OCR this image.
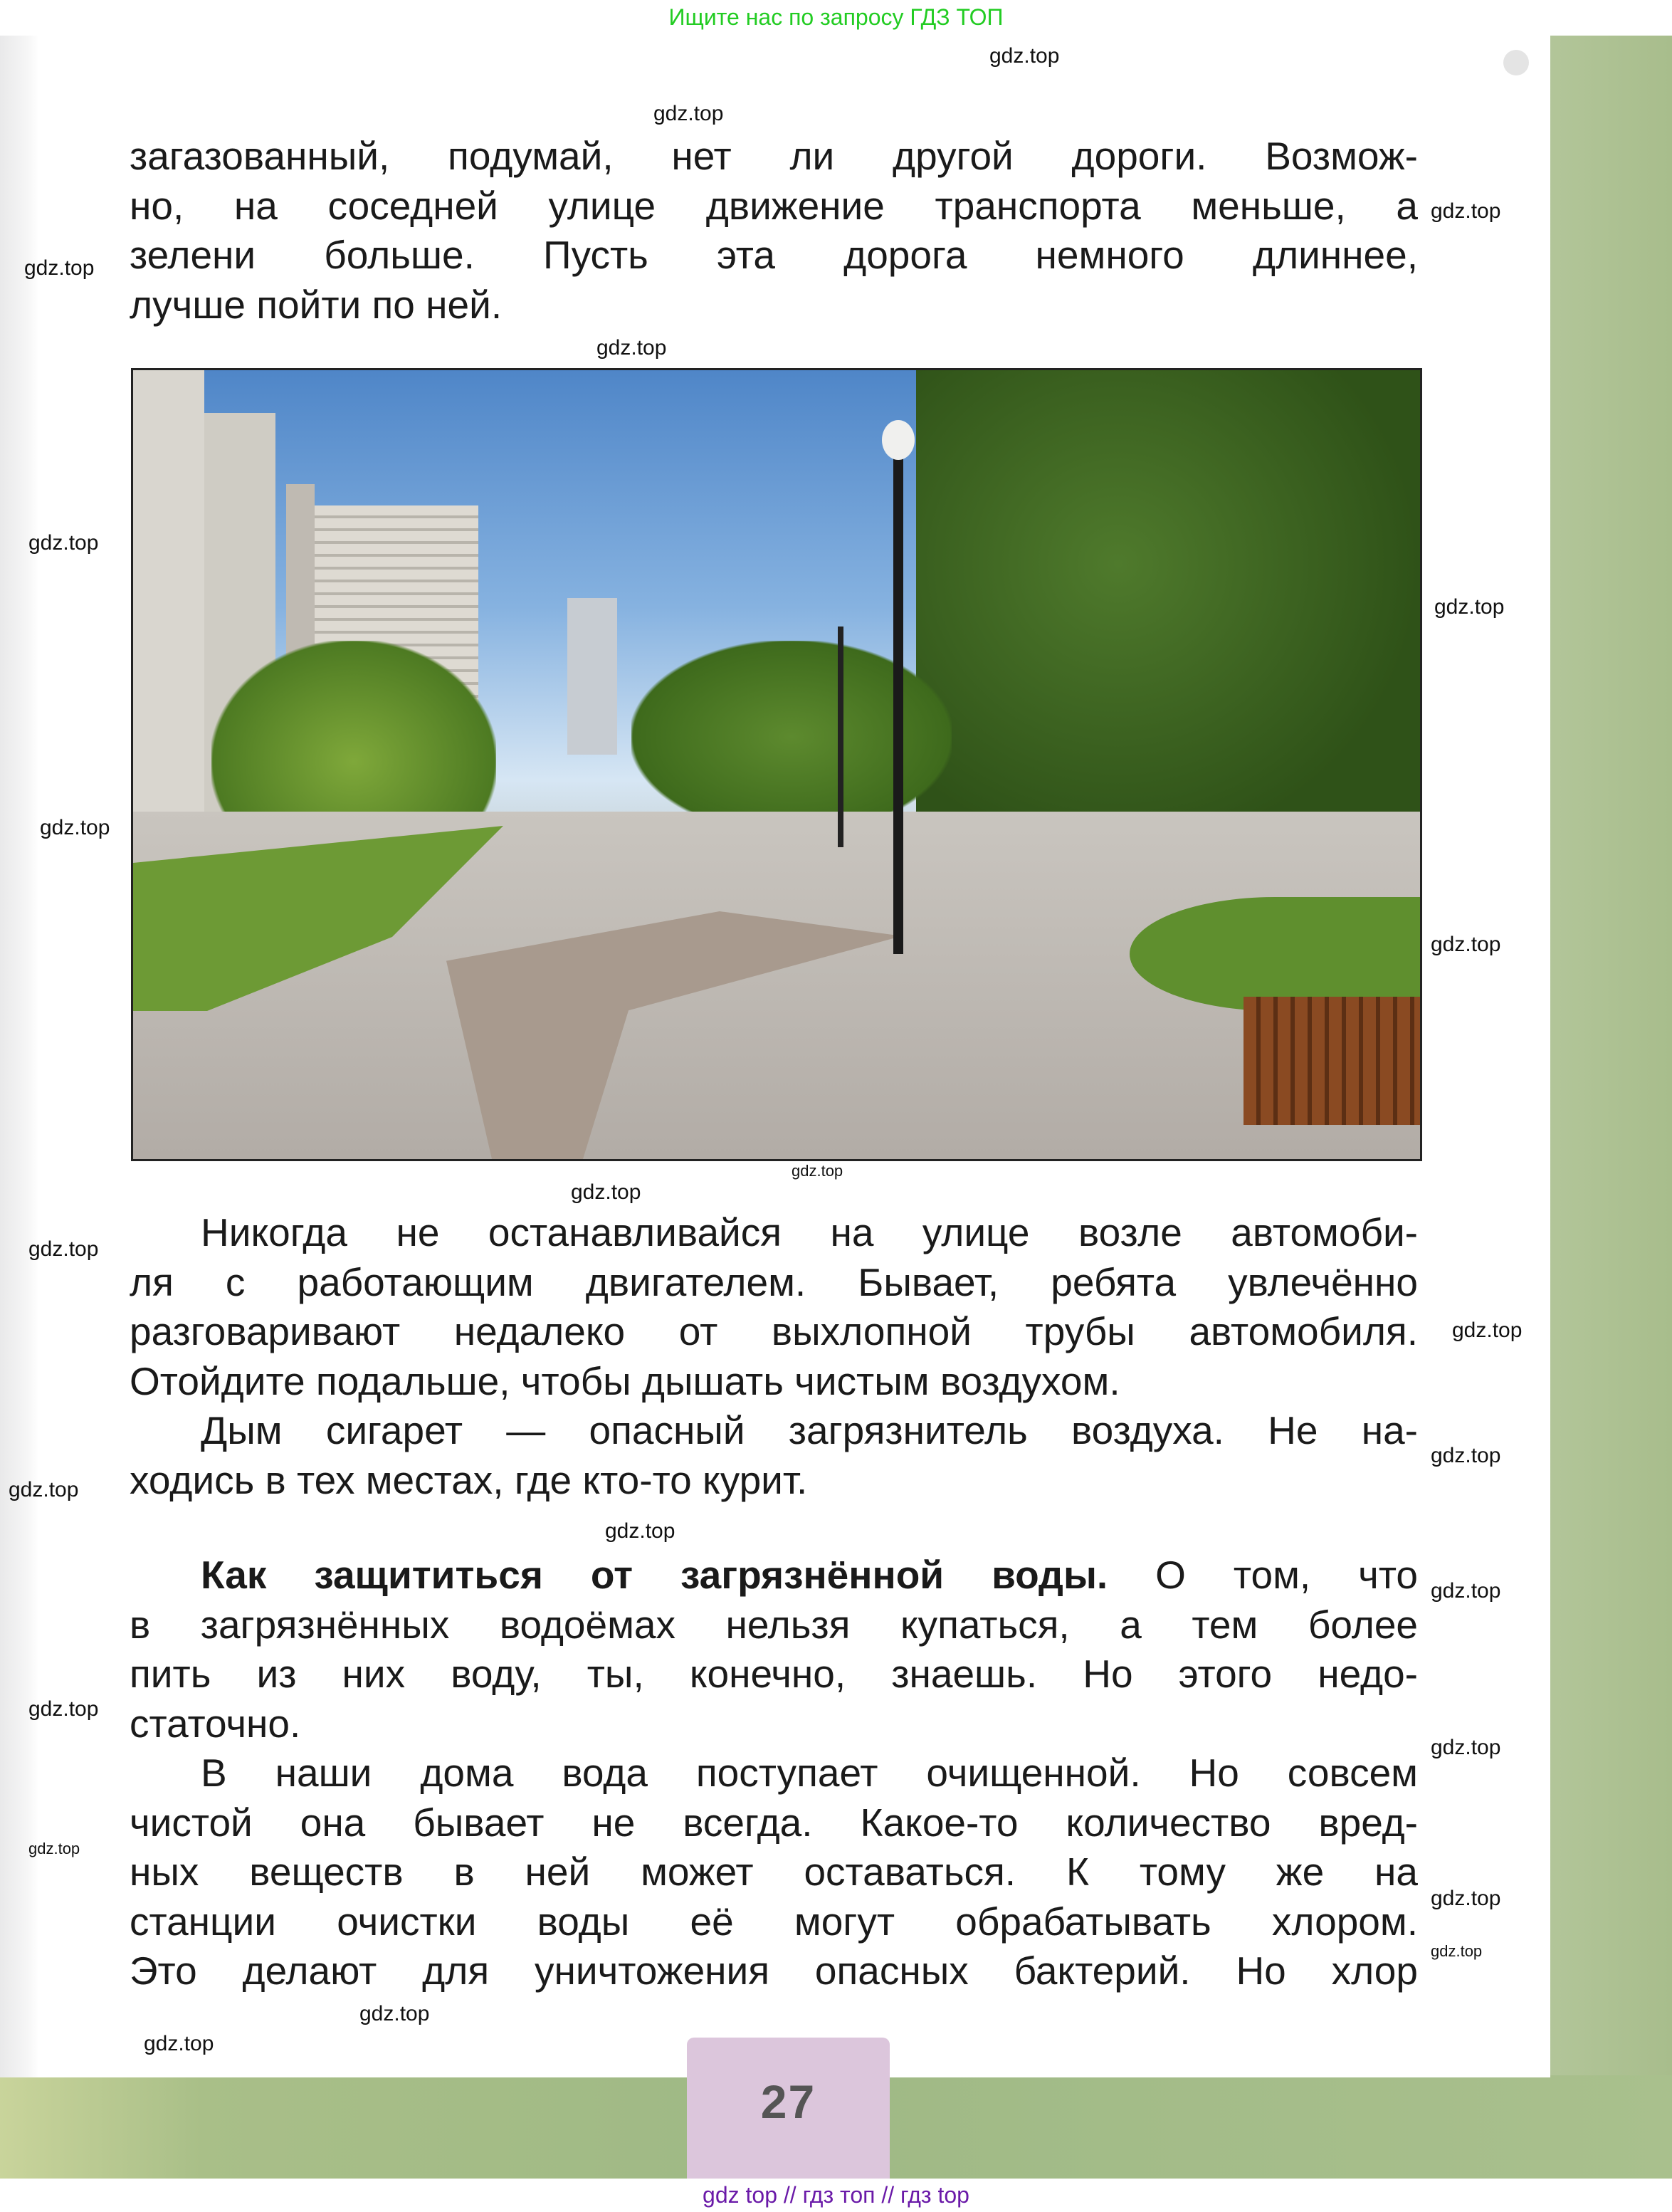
27
Ищите нас по запросу ГДЗ ТОП
загазованный, подумай, нет ли другой дороги. Возмож-
но, на соседней улице движение транспорта меньше, а
зелени больше. Пусть эта дорога немного длиннее,
лучше пойти по ней.
Никогда не останавливайся на улице возле автомоби-
ля с работающим двигателем. Бывает, ребята увлечённо
разговаривают недалеко от выхлопной трубы автомобиля.
Отойдите подальше, чтобы дышать чистым воздухом.
Дым сигарет — опасный загрязнитель воздуха. Не на-
ходись в тех местах, где кто-то курит.
Как защититься от загрязнённой воды. О том, что
в загрязнённых водоёмах нельзя купаться, а тем более
пить из них воду, ты, конечно, знаешь. Но этого недо-
статочно.
В наши дома вода поступает очищенной. Но совсем
чистой она бывает не всегда. Какое-то количество вред-
ных веществ в ней может оставаться. К тому же на
станции очистки воды её могут обрабатывать хлором.
Это делают для уничтожения опасных бактерий. Но хлор
gdz.top
gdz.top
gdz.top
gdz.top
gdz.top
gdz.top
gdz.top
gdz.top
gdz.top
gdz.top
gdz.top
gdz.top
gdz.top
gdz.top
gdz.top
gdz.top
gdz.top
gdz.top
gdz.top
gdz.top
gdz.top
gdz.top
gdz.top
gdz.top
gdz top // гдз топ // гдз top
